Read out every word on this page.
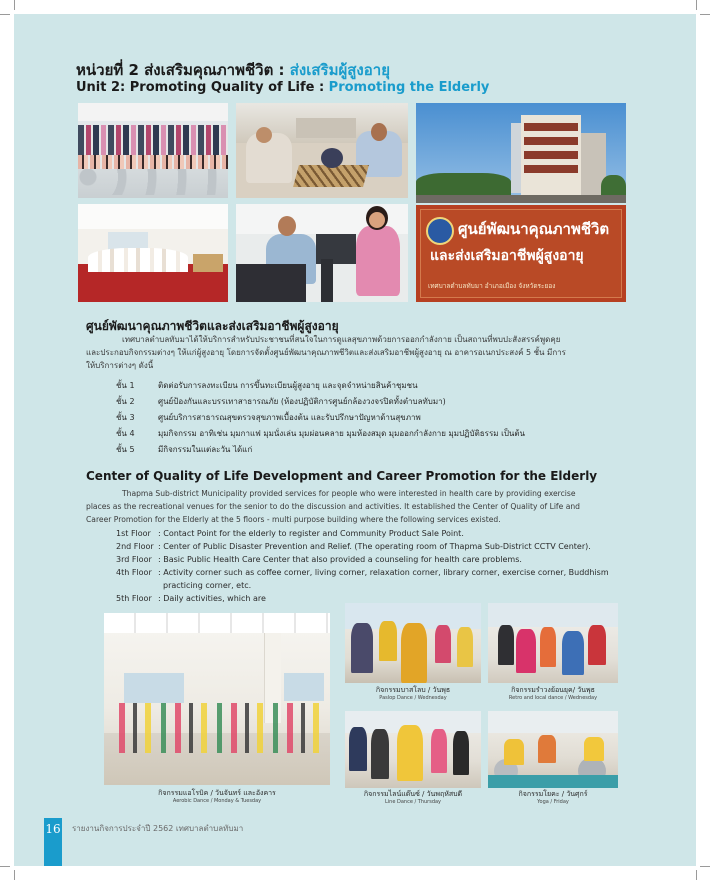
หน่วยที่ 2 ส่งเสริมคุณภาพชีวิต : ส่งเสริมผู้สูงอายุ
Unit 2: Promoting Quality of Life : Promoting the Elderly
ศูนย์พัฒนาคุณภาพชีวิต
และส่งเสริมอาชีพผู้สูงอายุ
เทศบาลตำบลทับมา อำเภอเมือง จังหวัดระยอง
ศูนย์พัฒนาคุณภาพชีวิตและส่งเสริมอาชีพผู้สูงอายุ
เทศบาลตำบลทับมาได้ให้บริการสำหรับประชาชนที่สนใจในการดูแลสุขภาพด้วยการออกกำลังกาย เป็นสถานที่พบปะสังสรรค์พูดคุย
และประกอบกิจกรรมต่างๆ ให้แก่ผู้สูงอายุ โดยการจัดตั้งศูนย์พัฒนาคุณภาพชีวิตและส่งเสริมอาชีพผู้สูงอายุ ณ อาคารอเนกประสงค์ 5 ชั้น มีการ
ให้บริการต่างๆ ดังนี้
ชั้น 1	ติดต่อรับการลงทะเบียน การขึ้นทะเบียนผู้สูงอายุ และจุดจำหน่ายสินค้าชุมชน
ชั้น 2	ศูนย์ป้องกันและบรรเทาสาธารณภัย (ห้องปฏิบัติการศูนย์กล้องวงจรปิดทั้งตำบลทับมา)
ชั้น 3	ศูนย์บริการสาธารณสุขตรวจสุขภาพเบื้องต้น และรับปรึกษาปัญหาด้านสุขภาพ
ชั้น 4	มุมกิจกรรม อาทิเช่น มุมกาแฟ มุมนั่งเล่น มุมผ่อนคลาย มุมห้องสมุด มุมออกกำลังกาย มุมปฏิบัติธรรม เป็นต้น
ชั้น 5	มีกิจกรรมในแต่ละวัน ได้แก่
Center of Quality of Life Development and Career Promotion for the Elderly
Thapma Sub-district Municipality provided services for people who were interested in health care by providing exercise
places as the recreational venues for the senior to do the discussion and activities. It established the Center of Quality of Life and
Career Promotion for the Elderly at the 5 floors - multi purpose building where the following services existed.
1st Floor : Contact Point for the elderly to register and Community Product Sale Point.
2nd Floor : Center of Public Disaster Prevention and Relief. (The operating room of Thapma Sub-District CCTV Center).
3rd Floor : Basic Public Health Care Center that also provided a counseling for health care problems.
4th Floor : Activity corner such as coffee corner, living corner, relaxation corner, library corner, exercise corner, Buddhism
practicing corner, etc.
5th Floor : Daily activities, which are
กิจกรรมแอโรบิค / วันจันทร์ และอังคาร
Aerobic Dance / Monday & Tuesday
กิจกรรมบาสโลบ / วันพุธ
Paslop Dance / Wednesday
กิจกรรมรำวงย้อนยุค/ วันพุธ
Retro and local dance / Wednesday
กิจกรรมไลน์แด๊นซ์ / วันพฤหัสบดี
Line Dance / Thursday
กิจกรรมโยคะ / วันศุกร์
Yoga / Friday
16 รายงานกิจการประจำปี 2562 เทศบาลตำบลทับมา
